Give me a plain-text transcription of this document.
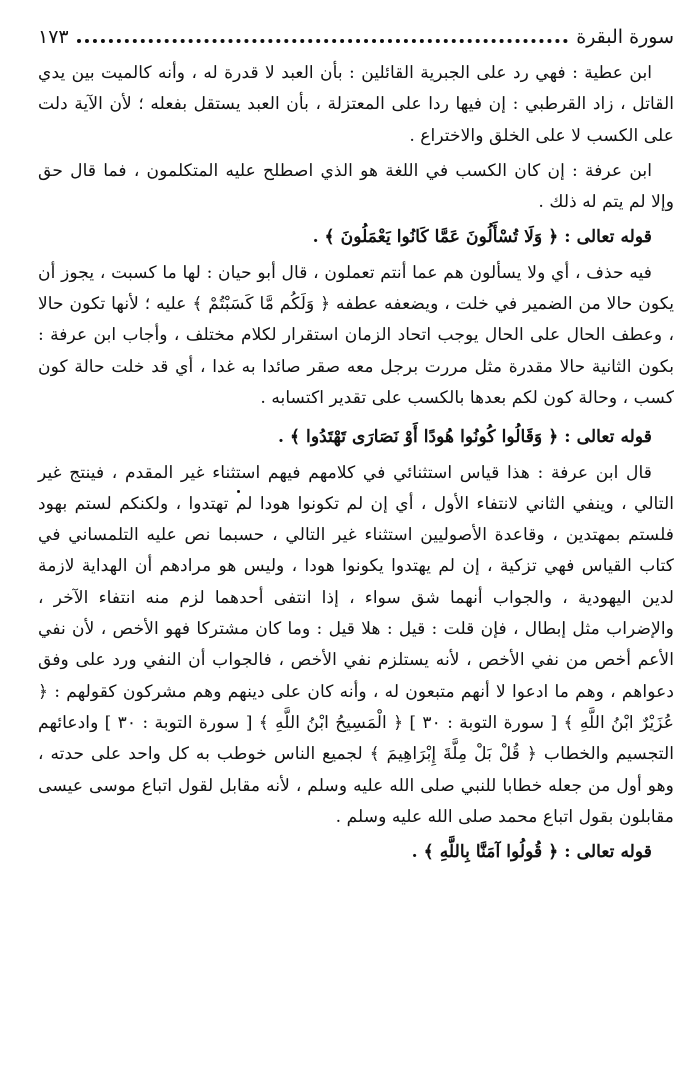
سورة البقرة
١٧٣

ابن عطية : فهي رد على الجبرية القائلين : بأن العبد لا قدرة له ، وأنه كالميت بين يدي القاتل ، زاد القرطبي : إن فيها ردا على المعتزلة ، بأن العبد يستقل بفعله ؛ لأن الآية دلت على الكسب لا على الخلق والاختراع .

ابن عرفة : إن كان الكسب في اللغة هو الذي اصطلح عليه المتكلمون ، فما قال حق وإلا لم يتم له ذلك .

قوله تعالى : ﴿ وَلَا تُسْأَلُونَ عَمَّا كَانُوا يَعْمَلُونَ ﴾ .

فيه حذف ، أي ولا يسألون هم عما أنتم تعملون ، قال أبو حيان : لها ما كسبت ، يجوز أن يكون حالا من الضمير في خلت ، ويضعفه عطفه ﴿ وَلَكُم مَّا كَسَبْتُمْ ﴾ عليه ؛ لأنها تكون حالا ، وعطف الحال على الحال يوجب اتحاد الزمان استقرار لكلام مختلف ، وأجاب ابن عرفة : بكون الثانية حالا مقدرة مثل مررت برجل معه صقر صائدا به غدا ، أي قد خلت حالة كون كسب ، وحالة كون لكم بعدها بالكسب على تقدير اكتسابه .

قوله تعالى : ﴿ وَقَالُوا كُونُوا هُودًا أَوْ نَصَارَى تَهْتَدُوا ﴾ .

قال ابن عرفة : هذا قياس استثنائي في كلامهم فيهم استثناء غير المقدم ، فينتج غير التالي ، وينفي الثاني لانتفاء الأول ، أي إن لم تكونوا هودا لم تهتدوا ، ولكنكم لستم بهود فلستم بمهتدين ، وقاعدة الأصوليين استثناء غير التالي ، حسبما نص عليه التلمساني في كتاب القياس فهي تزكية ، إن لم يهتدوا يكونوا هودا ، وليس هو مرادهم أن الهداية لازمة لدين اليهودية ، والجواب أنهما شق سواء ، إذا انتفى أحدهما لزم منه انتفاء الآخر ، والإضراب مثل إبطال ، فإن قلت : قيل : هلا قيل : وما كان مشتركا فهو الأخص ، لأن نفي الأعم أخص من نفي الأخص ، لأنه يستلزم نفي الأخص ، فالجواب أن النفي ورد على وفق دعواهم ، وهم ما ادعوا لا أنهم متبعون له ، وأنه كان على دينهم وهم مشركون كقولهم : ﴿ عُزَيْرٌ ابْنُ اللَّهِ ﴾ [ سورة التوبة : ٣٠ ] ﴿ الْمَسِيحُ ابْنُ اللَّهِ ﴾ [ سورة التوبة : ٣٠ ] وادعائهم التجسيم والخطاب ﴿ قُلْ بَلْ مِلَّةَ إِبْرَاهِيمَ ﴾ لجميع الناس خوطب به كل واحد على حدته ، وهو أول من جعله خطابا للنبي صلى الله عليه وسلم ، لأنه مقابل لقول اتباع موسى عيسى مقابلون بقول اتباع محمد صلى الله عليه وسلم .

قوله تعالى : ﴿ قُولُوا آمَنَّا بِاللَّهِ ﴾ .
